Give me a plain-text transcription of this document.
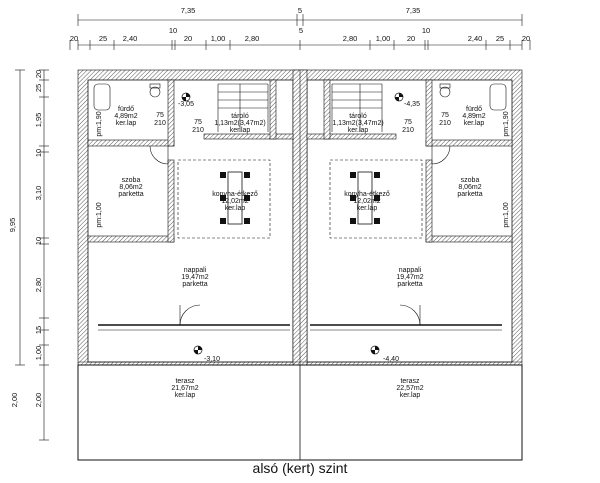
7,35	5	7,35
20	25 2,40
10
20 1,00	2,80
5
2,80 1,00 20
10
2,40 25 20
9,95
20
25
1,95
10
3,10
10
2,80
15
1,00
2,00 2,00
-3,05
fürdő
4,89m2
ker.lap
75
210
pm:1,90	tároló
1,13m2(3,47m2)
ker.lap
75
210
szoba
8,06m2
parketta
pm:1,00
konyha-étkező
12,02m2
ker.lap
nappali
19,47m2
parketta
-3,10
terasz
21,67m2
ker.lap
-4,35
fürdő
4,89m2
ker.lap
75
210	pm:1,90
tároló
1,13m2(3,47m2)
ker.lap
75
210
szoba
8,06m2
parketta
pm:1,00
konyha-étkező
12,02m2
ker.lap
nappali
19,47m2
parketta
-4,40
terasz
22,57m2
ker.lap
alsó (kert) szint
